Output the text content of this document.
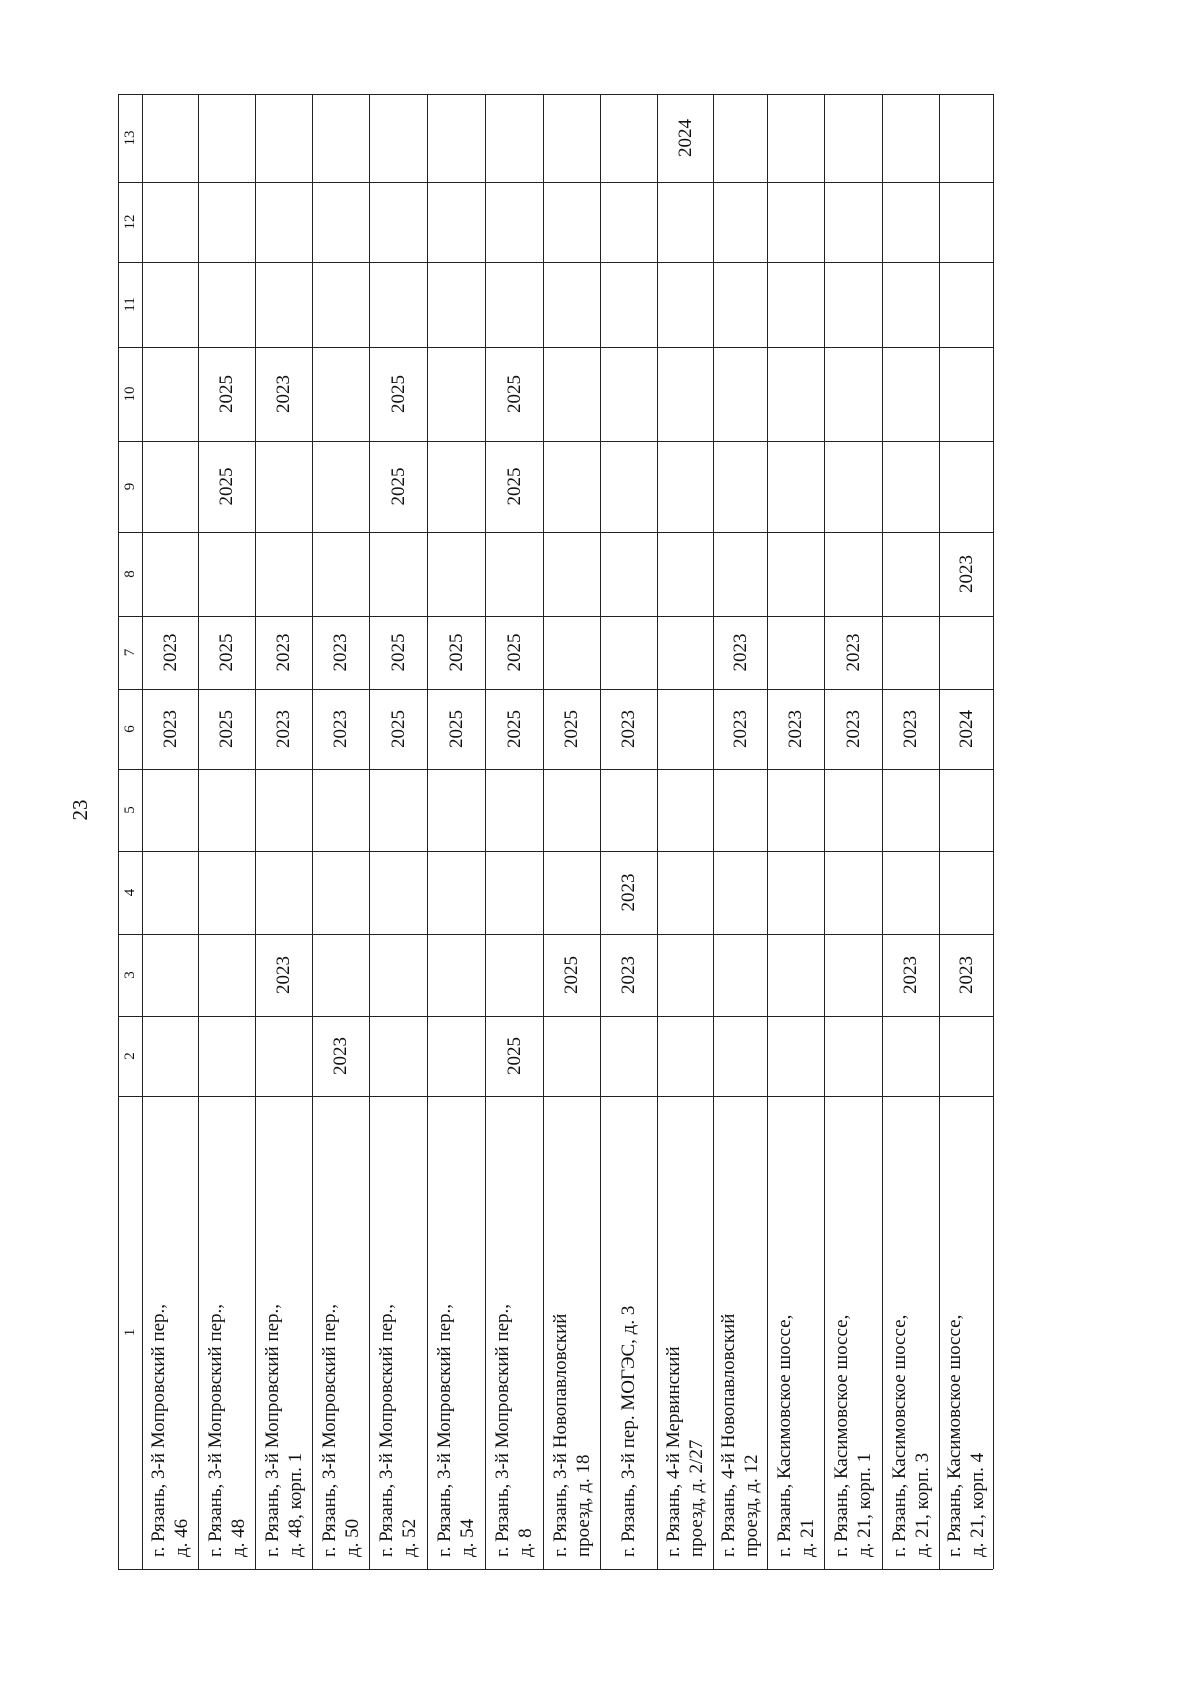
23
1
2
3
4
5
6
7
8
9
10
11
12
13
г. Рязань, 3-й Мопровский пер.,
д. 46
2023
2023
г. Рязань, 3-й Мопровский пер.,
д. 48
2025
2025
2025
2025
г. Рязань, 3-й Мопровский пер.,
д. 48, корп. 1
2023
2023
2023
2023
г. Рязань, 3-й Мопровский пер.,
д. 50
2023
2023
2023
г. Рязань, 3-й Мопровский пер.,
д. 52
2025
2025
2025
2025
г. Рязань, 3-й Мопровский пер.,
д. 54
2025
2025
г. Рязань, 3-й Мопровский пер.,
д. 8
2025
2025
2025
2025
2025
г. Рязань, 3-й Новопавловский
проезд, д. 18
2025
2025
г. Рязань, 3-й пер. МОГЭС, д. 3
2023
2023
2023
г. Рязань, 4-й Мервинский
проезд, д. 2/27
2024
г. Рязань, 4-й Новопавловский
проезд, д. 12
2023
2023
г. Рязань, Касимовское шоссе,
д. 21
2023
г. Рязань, Касимовское шоссе,
д. 21, корп. 1
2023
2023
г. Рязань, Касимовское шоссе,
д. 21, корп. 3
2023
2023
г. Рязань, Касимовское шоссе,
д. 21, корп. 4
2023
2024
2023
